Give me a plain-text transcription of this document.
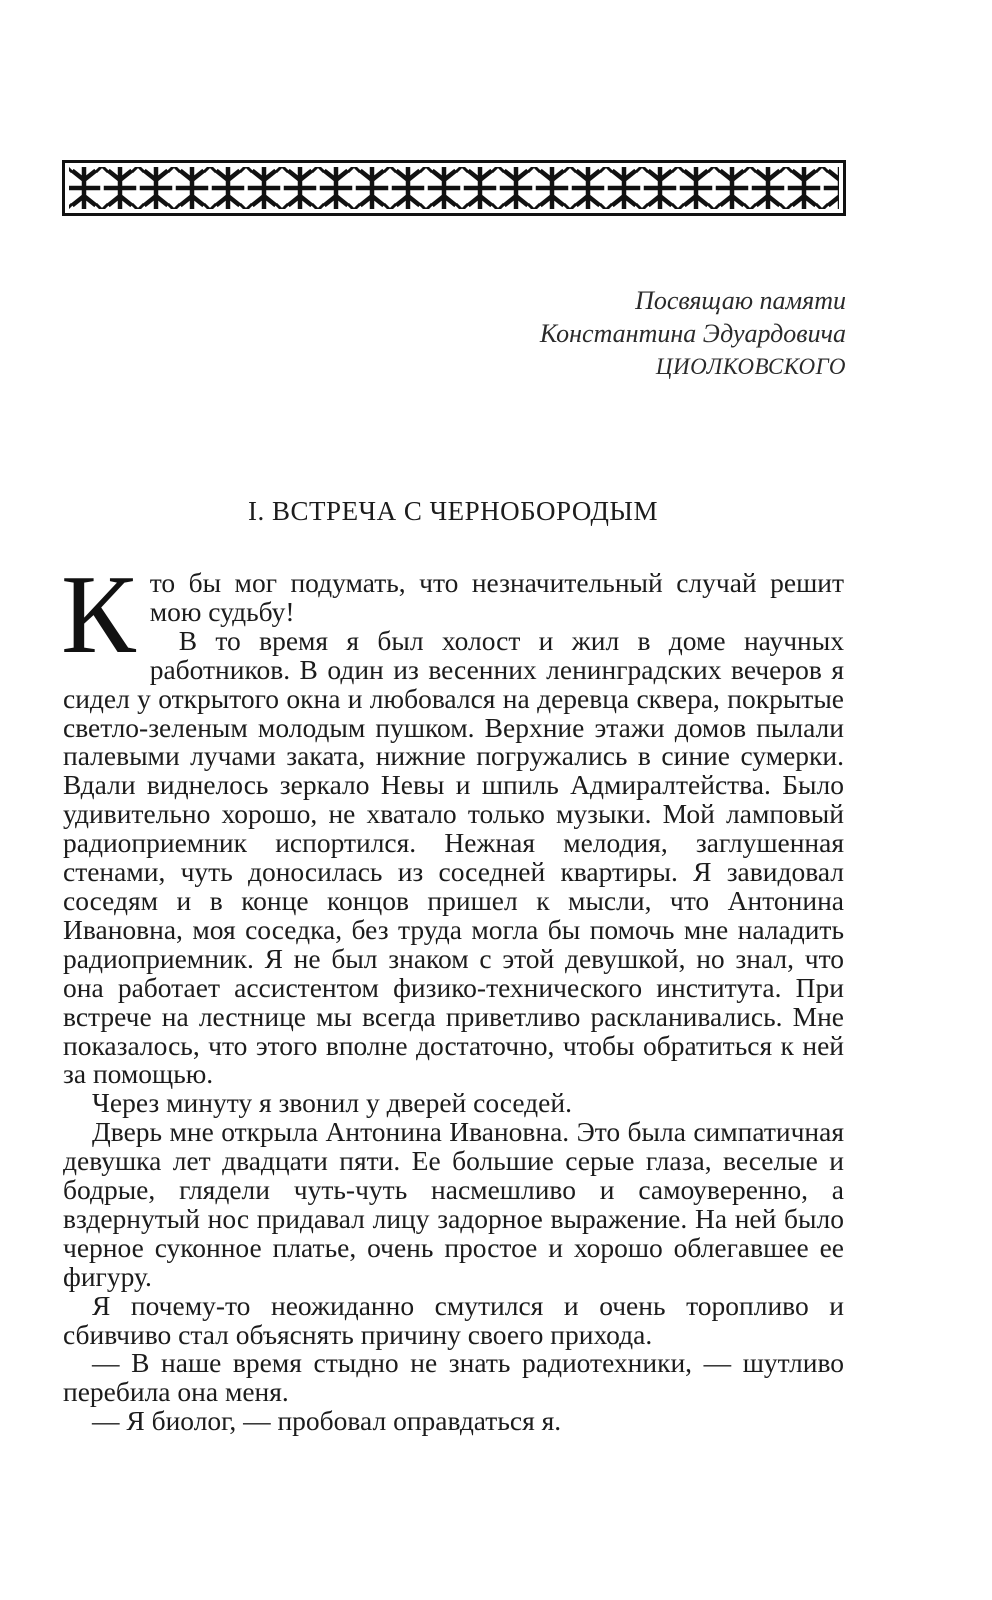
Посвящаю памяти
Константина Эдуардовича
ЦИОЛКОВСКОГО
I. ВСТРЕЧА С ЧЕРНОБОРОДЫМ

Кто бы мог подумать, что незначительный случай решит мою судьбу!

В то время я был холост и жил в доме научных работников. В один из весенних ленинградских вечеров я сидел у открытого окна и любовался на деревца сквера, покрытые светло-зеленым молодым пушком. Верхние этажи домов пылали палевыми лучами заката, нижние погружались в синие сумерки. Вдали виднелось зеркало Невы и шпиль Адмиралтейства. Было удивительно хорошо, не хватало только музыки. Мой ламповый радиоприемник испортился. Нежная мелодия, заглушенная стенами, чуть доносилась из соседней квартиры. Я завидовал соседям и в конце концов пришел к мысли, что Антонина Ивановна, моя соседка, без труда могла бы помочь мне наладить радиоприемник. Я не был знаком с этой девушкой, но знал, что она работает ассистентом физико-технического института. При встрече на лестнице мы всегда приветливо раскланивались. Мне показалось, что этого вполне достаточно, чтобы обратиться к ней за помощью.

Через минуту я звонил у дверей соседей.

Дверь мне открыла Антонина Ивановна. Это была симпатичная девушка лет двадцати пяти. Ее большие серые глаза, веселые и бодрые, глядели чуть-чуть насмешливо и самоуверенно, а вздернутый нос придавал лицу задорное выражение. На ней было черное суконное платье, очень простое и хорошо облегавшее ее фигуру.

Я почему-то неожиданно смутился и очень торопливо и сбивчиво стал объяснять причину своего прихода.

— В наше время стыдно не знать радиотехники, — шутливо перебила она меня.

— Я биолог, — пробовал оправдаться я.
